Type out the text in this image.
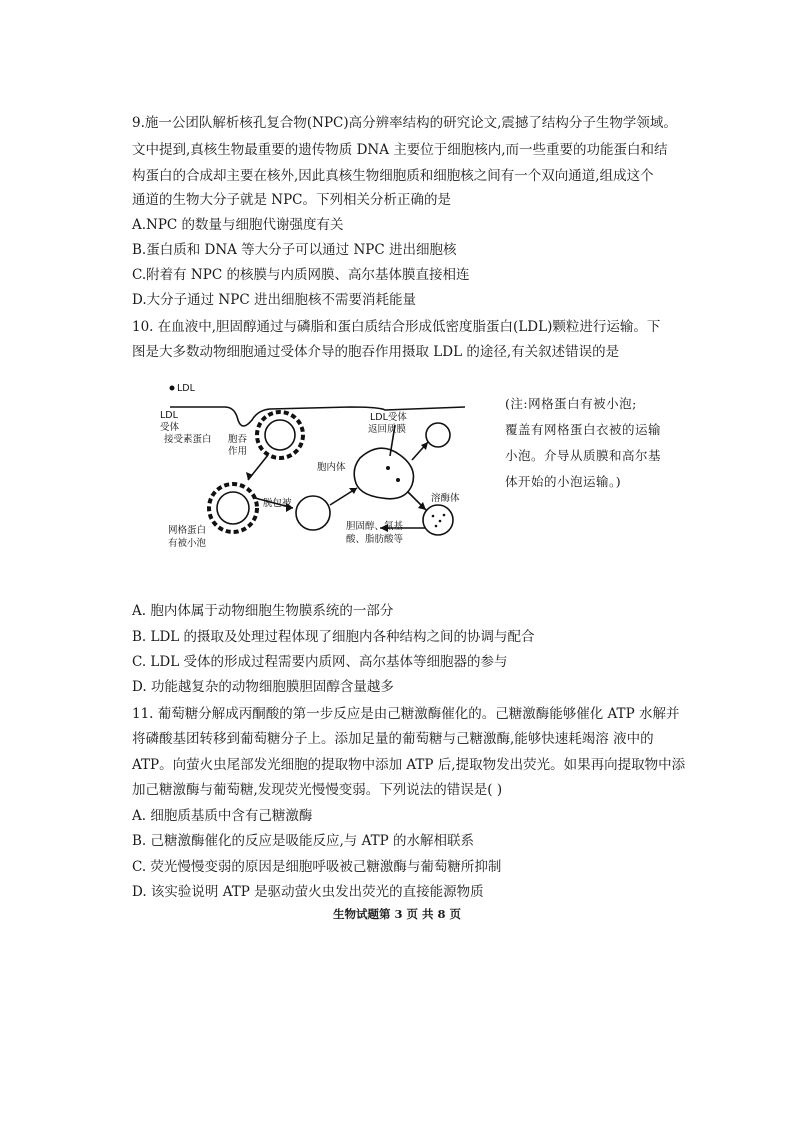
9.施一公团队解析核孔复合物(NPC)高分辨率结构的研究论文,震撼了结构分子生物学领域。
文中提到,真核生物最重要的遗传物质 DNA 主要位于细胞核内,而一些重要的功能蛋白和结
构蛋白的合成却主要在核外,因此真核生物细胞质和细胞核之间有一个双向通道,组成这个
通道的生物大分子就是 NPC。下列相关分析正确的是
A.NPC 的数量与细胞代谢强度有关
B.蛋白质和 DNA 等大分子可以通过 NPC 进出细胞核
C.附着有 NPC 的核膜与内质网膜、高尔基体膜直接相连
D.大分子通过 NPC 进出细胞核不需要消耗能量
10. 在血液中,胆固醇通过与磷脂和蛋白质结合形成低密度脂蛋白(LDL)颗粒进行运输。下
图是大多数动物细胞通过受体介导的胞吞作用摄取 LDL 的途径,有关叙述错误的是
LDL
LDL
受体
接受素蛋白 胞吞
作用
LDL受体
返回质膜
胞内体
溶酶体
脱包被
网格蛋白
有被小泡
胆固醇、氨基
酸、脂肪酸等
(注:网格蛋白有被小泡;
覆盖有网格蛋白衣被的运输
小泡。介导从质膜和高尔基
体开始的小泡运输。)
A. 胞内体属于动物细胞生物膜系统的一部分
B. LDL 的摄取及处理过程体现了细胞内各种结构之间的协调与配合
C. LDL 受体的形成过程需要内质网、高尔基体等细胞器的参与
D. 功能越复杂的动物细胞膜胆固醇含量越多
11. 葡萄糖分解成丙酮酸的第一步反应是由己糖激酶催化的。己糖激酶能够催化 ATP 水解并
将磷酸基团转移到葡萄糖分子上。添加足量的葡萄糖与己糖激酶,能够快速耗竭溶 液中的
ATP。向萤火虫尾部发光细胞的提取物中添加 ATP 后,提取物发出荧光。如果再向提取物中添
加己糖激酶与葡萄糖,发现荧光慢慢变弱。下列说法的错误是( )
A. 细胞质基质中含有己糖激酶
B. 己糖激酶催化的反应是吸能反应,与 ATP 的水解相联系
C. 荧光慢慢变弱的原因是细胞呼吸被己糖激酶与葡萄糖所抑制
D. 该实验说明 ATP 是驱动萤火虫发出荧光的直接能源物质
生物试题第 3 页 共 8 页
